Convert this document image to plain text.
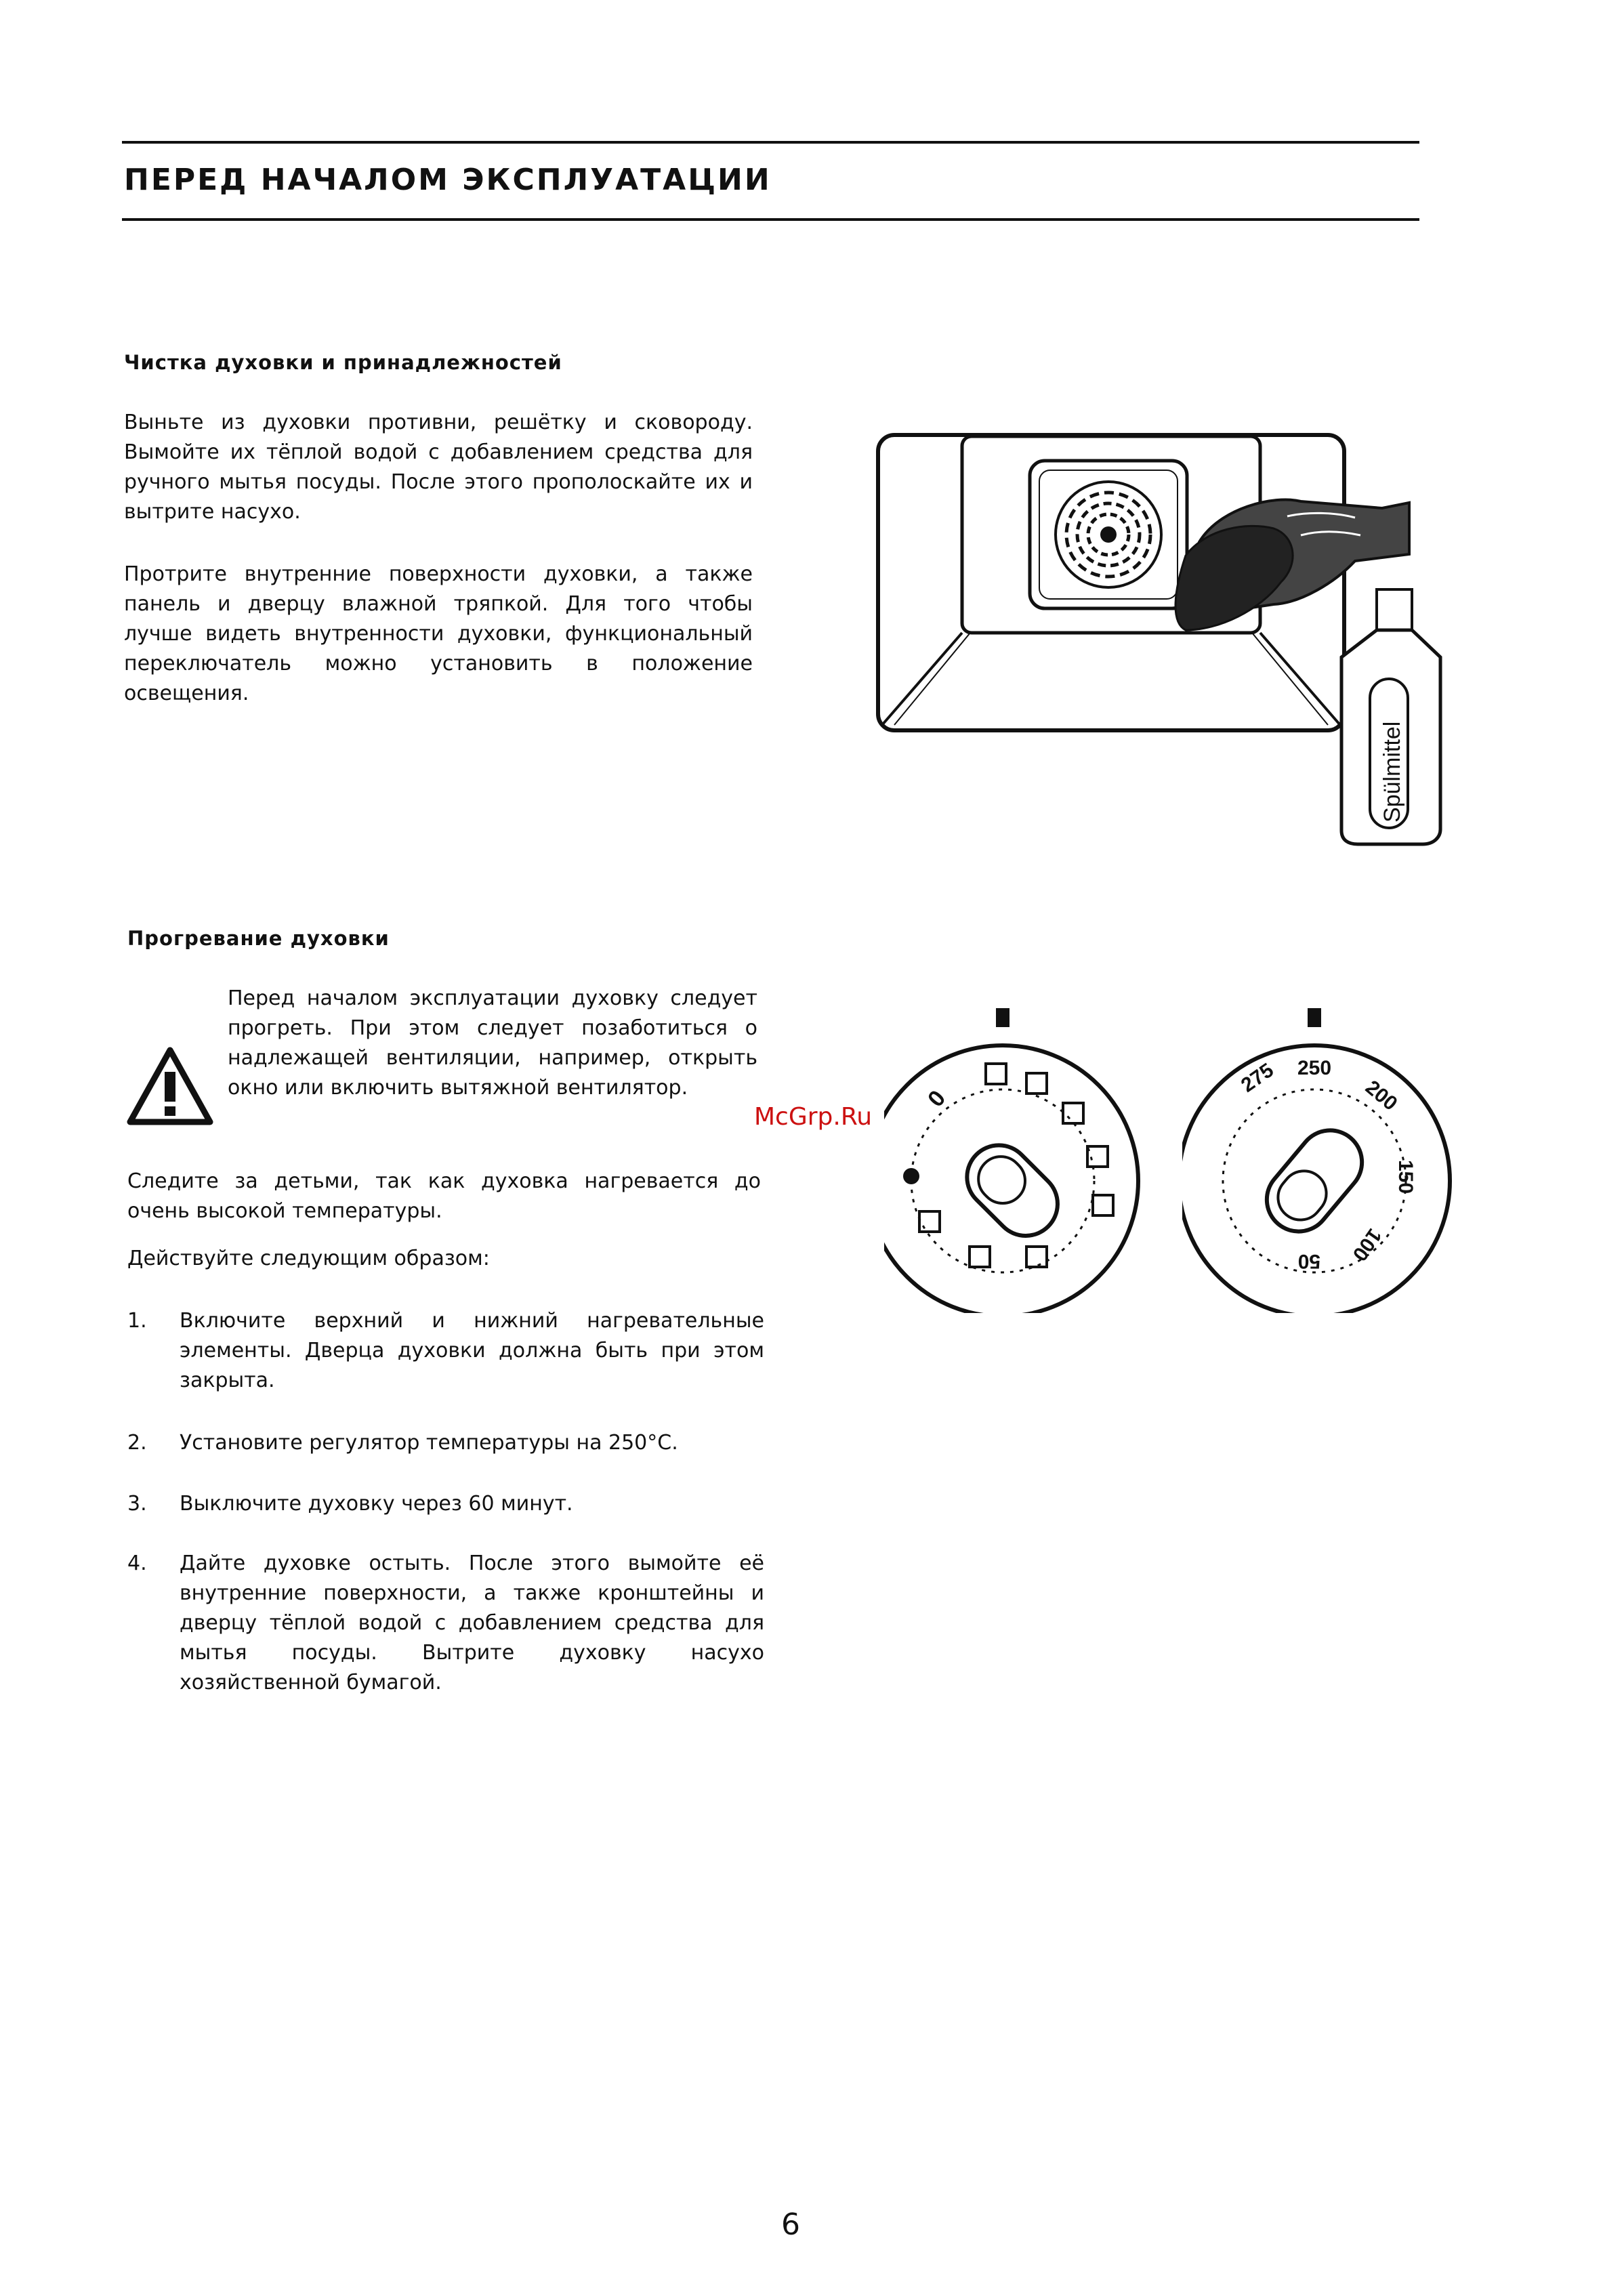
ПЕРЕД НАЧАЛОМ ЭКСПЛУАТАЦИИ
Чистка духовки и принадлежностей
Выньте из духовки противни, решётку и сковороду. Вымойте их тёплой водой с добавлением средства для ручного мытья посуды. После этого прополоскайте их и вытрите насухо.
Протрите внутренние поверхности духовки, а также панель и дверцу влажной тряпкой. Для того чтобы лучше видеть внутренности духовки, функциональный переключатель можно установить в положение освещения.
Spülmittel
Прогревание духовки
Перед началом эксплуатации духовку следует прогреть. При этом следует позаботиться о надлежащей вентиляции, например, открыть окно или включить вытяжной вентилятор.
Следите за детьми, так как духовка нагревается до очень высокой температуры.
Действуйте следующим образом:
1. Включите верхний и нижний нагревательные элементы. Дверца духовки должна быть при этом закрыта.
2. Установите регулятор температуры на 250°С.
3. Выключите духовку через 60 минут.
4. Дайте духовке остыть. После этого вымойте её внутренние поверхности, а также кронштейны и дверцу тёплой водой с добавлением средства для мытья посуды. Вытрите духовку насухо хозяйственной бумагой.
0
275 250
200
150
100
50
McGrp.Ru
6
